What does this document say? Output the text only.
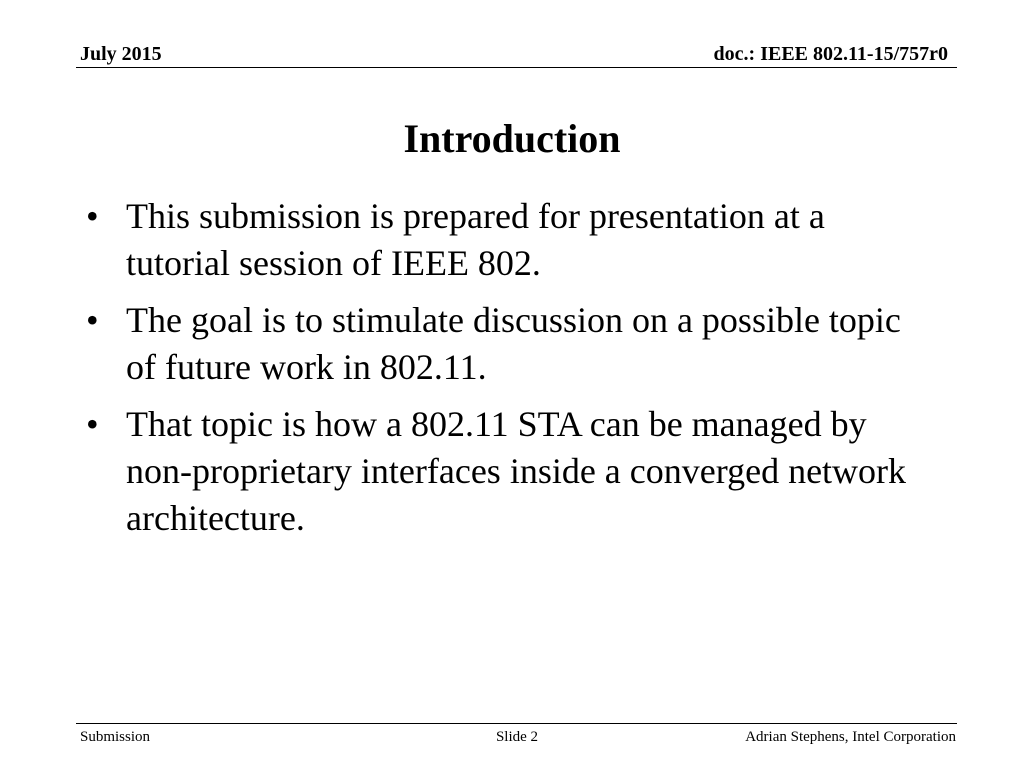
July 2015	doc.: IEEE 802.11-15/757r0
Introduction
• This submission is prepared for presentation at a tutorial session of IEEE 802.
• The goal is to stimulate discussion on a possible topic of future work in 802.11.
• That topic is how a 802.11 STA can be managed by non-proprietary interfaces inside a converged network architecture.
Submission	Slide 2	Adrian Stephens, Intel Corporation
